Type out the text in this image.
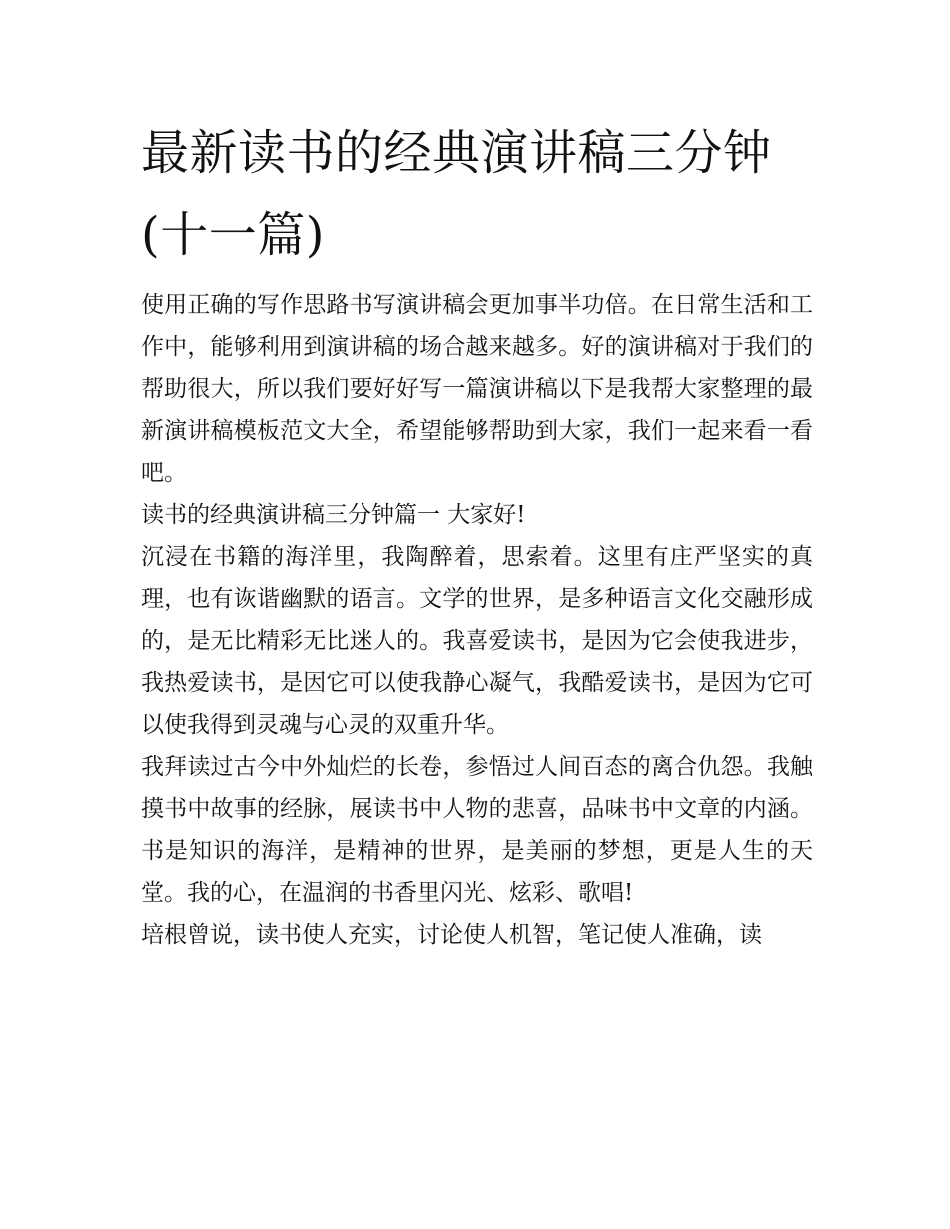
最新读书的经典演讲稿三分钟
(十一篇)

使用正确的写作思路书写演讲稿会更加事半功倍。在日常生活和工作中，能够利用到演讲稿的场合越来越多。好的演讲稿对于我们的帮助很大，所以我们要好好写一篇演讲稿以下是我帮大家整理的最新演讲稿模板范文大全，希望能够帮助到大家，我们一起来看一看吧。

读书的经典演讲稿三分钟篇一 大家好!

沉浸在书籍的海洋里，我陶醉着，思索着。这里有庄严坚实的真理，也有诙谐幽默的语言。文学的世界，是多种语言文化交融形成的，是无比精彩无比迷人的。我喜爱读书，是因为它会使我进步，我热爱读书，是因它可以使我静心凝气，我酷爱读书，是因为它可以使我得到灵魂与心灵的双重升华。

我拜读过古今中外灿烂的长卷，参悟过人间百态的离合仇怨。我触摸书中故事的经脉，展读书中人物的悲喜，品味书中文章的内涵。书是知识的海洋，是精神的世界，是美丽的梦想，更是人生的天堂。我的心，在温润的书香里闪光、炫彩、歌唱!

培根曾说，读书使人充实，讨论使人机智，笔记使人准确，读
